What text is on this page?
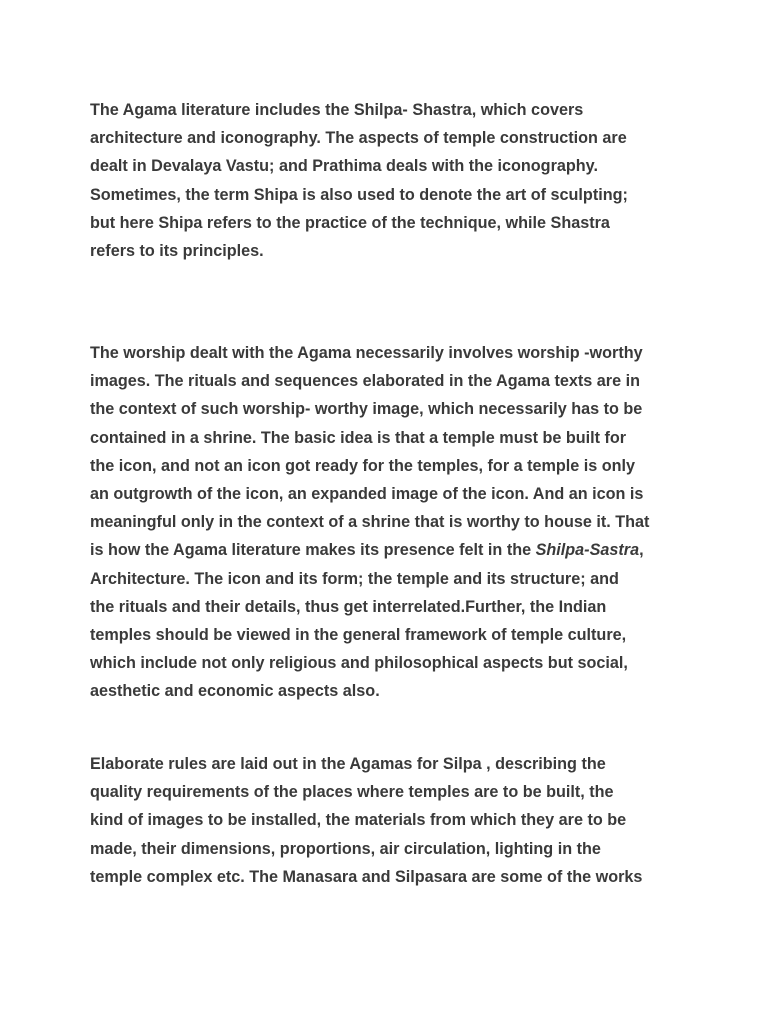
The Agama literature includes the Shilpa- Shastra, which covers
architecture and iconography. The aspects of temple construction are
dealt in Devalaya Vastu; and Prathima deals with the iconography.
Sometimes, the term Shipa is also used to denote the art of sculpting;
but here Shipa refers to the practice of the technique, while Shastra
refers to its principles.

The worship dealt with the Agama necessarily involves worship -worthy
images. The rituals and sequences elaborated in the Agama texts are in
the context of such worship- worthy image, which necessarily has to be
contained in a shrine. The basic idea is that a temple must be built for
the icon, and not an icon got ready for the temples, for a temple is only
an outgrowth of the icon, an expanded image of the icon. And an icon is
meaningful only in the context of a shrine that is worthy to house it. That
is how the Agama literature makes its presence felt in the Shilpa-Sastra,
Architecture. The icon and its form; the temple and its structure; and
the rituals and their details, thus get interrelated.Further, the Indian
temples should be viewed in the general framework of temple culture,
which include not only religious and philosophical aspects but social,
aesthetic and economic aspects also.

Elaborate rules are laid out in the Agamas for Silpa , describing the
quality requirements of the places where temples are to be built, the
kind of images to be installed, the materials from which they are to be
made, their dimensions, proportions, air circulation, lighting in the
temple complex etc. The Manasara and Silpasara are some of the works
